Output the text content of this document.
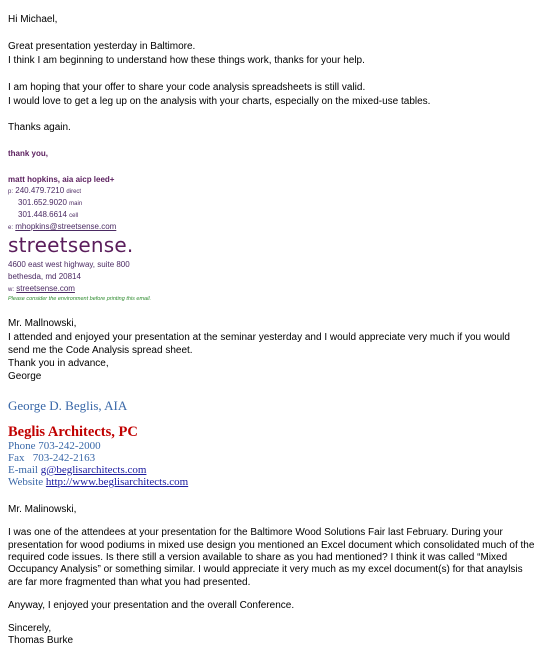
Hi Michael,
Great presentation yesterday in Baltimore.
I think I am beginning to understand how these things work, thanks for your help.
I am hoping that your offer to share your code analysis spreadsheets is still valid.
I would love to get a leg up on the analysis with your charts, especially on the mixed-use tables.
Thanks again.
thank you,
matt hopkins, aia aicp leed+
p: 240.479.7210 direct
301.652.9020 main
301.448.6614 cell
e: mhopkins@streetsense.com
streetsense.
4600 east west highway, suite 800
bethesda, md 20814
w: streetsense.com
Please consider the environment before printing this email.
Mr. Mallnowski,
I attended and enjoyed your presentation at the seminar yesterday and I would appreciate very much if you would
send me the Code Analysis spread sheet.
Thank you in advance,
George
George D. Beglis, AIA
Beglis Architects, PC
Phone 703-242-2000
Fax   703-242-2163
E-mail g@beglisarchitects.com
Website http://www.beglisarchitects.com
Mr. Malinowski,
I was one of the attendees at your presentation for the Baltimore Wood Solutions Fair last February. During your
presentation for wood podiums in mixed use design you mentioned an Excel document which consolidated much of the
required code issues. Is there still a version available to share as you had mentioned? I think it was called “Mixed
Occupancy Analysis” or something similar. I would appreciate it very much as my excel document(s) for that anaylsis
are far more fragmented than what you had presented.
Anyway, I enjoyed your presentation and the overall Conference.
Sincerely,
Thomas Burke
